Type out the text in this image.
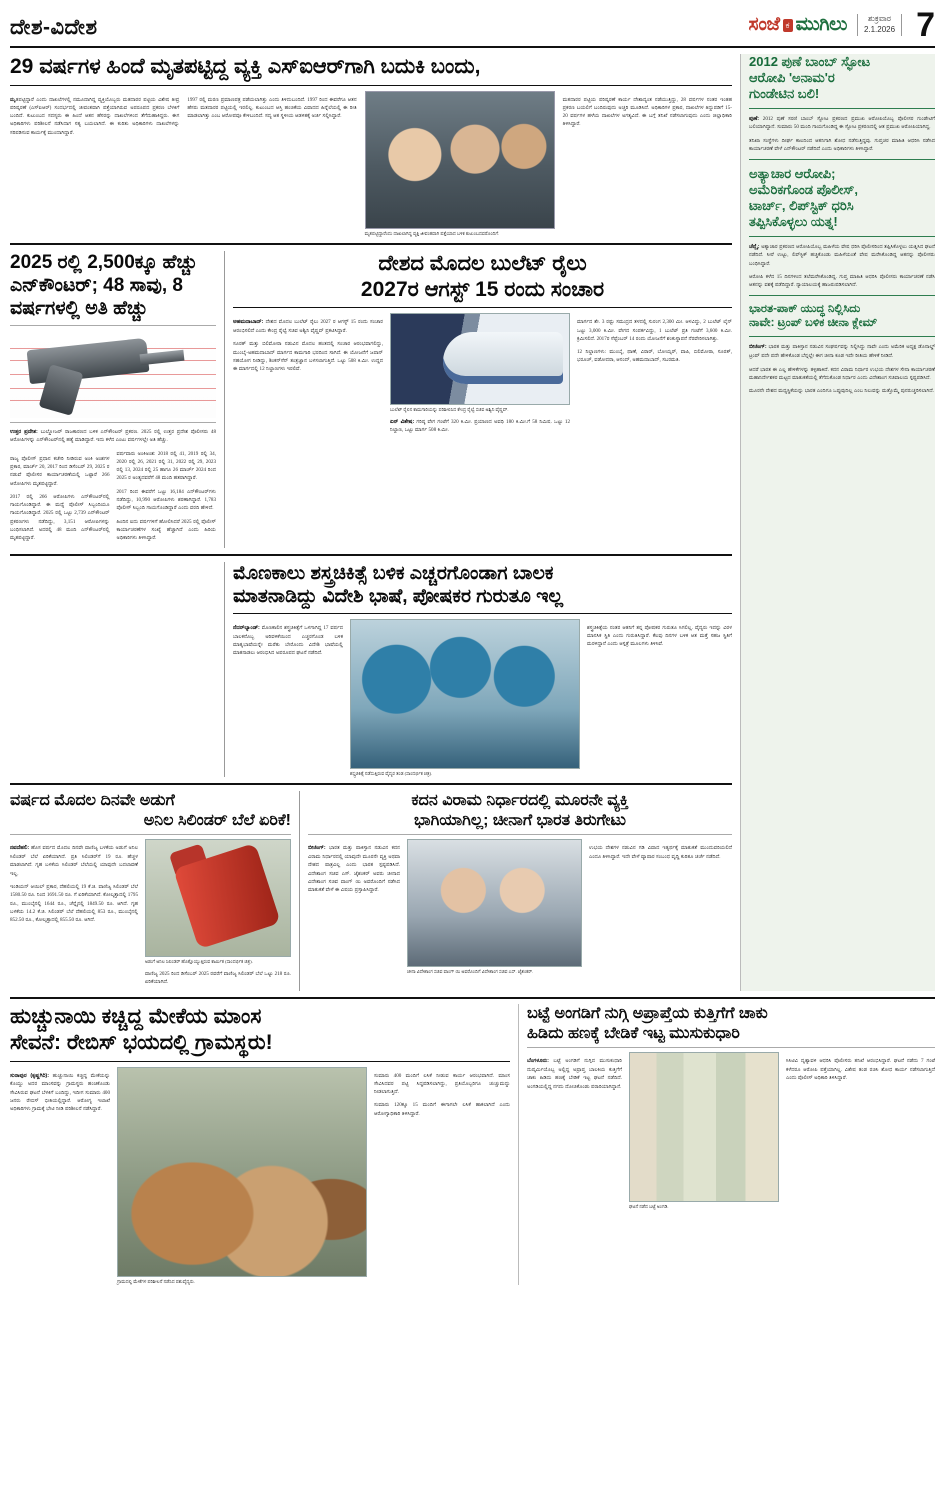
ದೇಶ-ವಿದೇಶ	ಸಂಜೆ ಕ ಮುಗಿಲು	ಶುಕ್ರವಾರ
2.1.2026 7
29 ವರ್ಷಗಳ ಹಿಂದೆ ಮೃತಪಟ್ಟಿದ್ದ ವ್ಯಕ್ತಿ ಎಸ್‌ಐಆರ್‌ಗಾಗಿ ಬದುಕಿ ಬಂದು,

ಮೃತಪಟ್ಟಿದ್ದಾರೆ ಎಂದು ದಾಖಲೆಗಳಲ್ಲಿ ನಮೂದಾಗಿದ್ದ ವ್ಯಕ್ತಿಯೊಬ್ಬರು ಮತದಾರರ ಪಟ್ಟಿಯ ವಿಶೇಷ ತೀವ್ರ ಪರಿಷ್ಕರಣೆ (ಎಸ್‌ಐಆರ್) ಸಂದರ್ಭದಲ್ಲಿ ಜೀವಂತವಾಗಿ ಪತ್ತೆಯಾಗಿರುವ ಅಪರೂಪದ ಪ್ರಕರಣ ಬೆಳಕಿಗೆ ಬಂದಿದೆ. ಕುಟುಂಬದ ಸದಸ್ಯರು ಈ ಹಿಂದೆ ಆತನ ಹೆಸರನ್ನು ದಾಖಲೆಗಳಿಂದ ತೆಗೆದುಹಾಕಿದ್ದರು. ಈಗ ಅಧಿಕಾರಿಗಳು ಪರಿಶೀಲನೆ ನಡೆಸಿದಾಗ ಸತ್ಯ ಬಯಲಾಗಿದೆ. ಈ ಕುರಿತು ಅಧಿಕಾರಿಗಳು ದಾಖಲೆಗಳನ್ನು ಸರಿಪಡಿಸುವ ಕಾರ್ಯಕ್ಕೆ ಮುಂದಾಗಿದ್ದಾರೆ.

1997 ರಲ್ಲಿ ಮರಣ ಪ್ರಮಾಣಪತ್ರ ಪಡೆಯಲಾಗಿತ್ತು ಎಂದು ತಿಳಿದುಬಂದಿದೆ. 1997 ರಿಂದ ಈವರೆಗೂ ಆತನ ಹೆಸರು ಮತದಾರರ ಪಟ್ಟಿಯಲ್ಲಿ ಇರಲಿಲ್ಲ. ಕುಟುಂಬದ ಆಸ್ತಿ ಹಂಚಿಕೆಯ ವಿವಾದದ ಹಿನ್ನೆಲೆಯಲ್ಲಿ ಈ ರೀತಿ ಮಾಡಲಾಗಿತ್ತು ಎಂಬ ಆರೋಪವೂ ಕೇಳಿಬಂದಿದೆ. ಸದ್ಯ ಆತ ಸ್ಥಳೀಯ ಆಡಳಿತಕ್ಕೆ ಅರ್ಜಿ ಸಲ್ಲಿಸಿದ್ದಾರೆ.

ಮೃತಪಟ್ಟಿದ್ದಾರೆಂದು ದಾಖಲಾಗಿದ್ದ ವ್ಯಕ್ತಿ ಜೀವಂತವಾಗಿ ಪತ್ತೆಯಾದ ಬಳಿಕ ಕುಟುಂಬದವರೊಂದಿಗೆ.

ಮತದಾರರ ಪಟ್ಟಿಯ ಪರಿಷ್ಕರಣೆ ಕಾರ್ಯ ದೇಶಾದ್ಯಂತ ನಡೆಯುತ್ತಿದ್ದು, 28 ವರ್ಷಗಳ ನಂತರ ಇಂತಹ ಪ್ರಕರಣ ಬಯಲಿಗೆ ಬಂದಿರುವುದು ಅಚ್ಚರಿ ಮೂಡಿಸಿದೆ. ಅಧಿಕಾರಿಗಳ ಪ್ರಕಾರ, ದಾಖಲೆಗಳ ತಿದ್ದುಪಡಿಗೆ 15-20 ವರ್ಷಗಳ ಹಳೆಯ ದಾಖಲೆಗಳ ಅಗತ್ಯವಿದೆ. ಈ ಬಗ್ಗೆ ತನಿಖೆ ನಡೆಸಲಾಗುವುದು ಎಂದು ಜಿಲ್ಲಾಧಿಕಾರಿ ತಿಳಿಸಿದ್ದಾರೆ.

2025 ರಲ್ಲಿ 2,500ಕ್ಕೂ ಹೆಚ್ಚು ಎನ್‌ಕೌಂಟರ್; 48 ಸಾವು, 8 ವರ್ಷಗಳಲ್ಲಿ ಅತಿ ಹೆಚ್ಚು

ಉತ್ತರ ಪ್ರದೇಶ: ಬುಲ್ಡೋಜರ್ ರಾಜಕಾರಣದ ಬಳಿಕ ಎನ್‌ಕೌಂಟರ್ ಪ್ರಕರಣ. 2025 ರಲ್ಲಿ ಉತ್ತರ ಪ್ರದೇಶ ಪೊಲೀಸರು 48 ಆರೋಪಿಗಳನ್ನು ಎನ್‌ಕೌಂಟರ್‌ನಲ್ಲಿ ಹತ್ಯೆ ಮಾಡಿದ್ದಾರೆ. ಇದು ಕಳೆದ ಎಂಟು ವರ್ಷಗಳಲ್ಲೇ ಅತಿ ಹೆಚ್ಚು.

ರಾಜ್ಯ ಪೊಲೀಸ್ ಪ್ರಧಾನ ಕಚೇರಿ ನೀಡಿರುವ ಅಂಕಿ ಅಂಶಗಳ ಪ್ರಕಾರ, ಮಾರ್ಚ್ 20, 2017 ರಿಂದ ಡಿಸೆಂಬರ್ 29, 2025 ರ ನಡುವೆ ಪೊಲೀಸರ ಕಾರ್ಯಾಚರಣೆಯಲ್ಲಿ ಒಟ್ಟಾರೆ 266 ಆರೋಪಿಗಳು ಮೃತಪಟ್ಟಿದ್ದಾರೆ.

2017 ರಲ್ಲಿ 266 ಆರೋಪಿಗಳು ಎನ್‌ಕೌಂಟರ್‌ನಲ್ಲಿ ಗಾಯಗೊಂಡಿದ್ದಾರೆ. ಈ ಮಧ್ಯೆ ಪೊಲೀಸ್ ಸಿಬ್ಬಂದಿಯೂ ಗಾಯಗೊಂಡಿದ್ದಾರೆ. 2025 ರಲ್ಲಿ ಒಟ್ಟು 2,739 ಎನ್‌ಕೌಂಟರ್ ಪ್ರಕರಣಗಳು ನಡೆದಿದ್ದು, 3,151 ಆರೋಪಿಗಳನ್ನು ಬಂಧಿಸಲಾಗಿದೆ. ಅದರಲ್ಲಿ 48 ಮಂದಿ ಎನ್‌ಕೌಂಟರ್‌ನಲ್ಲಿ ಮೃತಪಟ್ಟಿದ್ದಾರೆ.

ವರ್ಷವಾರು ಅಂಕಿಅಂಶ: 2018 ರಲ್ಲಿ 41, 2019 ರಲ್ಲಿ 34, 2020 ರಲ್ಲಿ 26, 2021 ರಲ್ಲಿ 31, 2022 ರಲ್ಲಿ 29, 2023 ರಲ್ಲಿ 13, 2024 ರಲ್ಲಿ 25 ಹಾಗೂ 26 ಮಾರ್ಚ್ 2024 ರಿಂದ 2025 ರ ಅಂತ್ಯದವರೆಗೆ 48 ಮಂದಿ ಹತರಾಗಿದ್ದಾರೆ.

2017 ರಿಂದ ಈವರೆಗೆ ಒಟ್ಟು 16,184 ಎನ್‌ಕೌಂಟರ್‌ಗಳು ನಡೆದಿದ್ದು, 10,990 ಆರೋಪಿಗಳು ಶರಣಾಗಿದ್ದಾರೆ. 1,783 ಪೊಲೀಸ್ ಸಿಬ್ಬಂದಿ ಗಾಯಗೊಂಡಿದ್ದಾರೆ ಎಂದು ವರದಿ ಹೇಳಿದೆ.

ಹಿಂದಿನ ಐದು ವರ್ಷಗಳಿಗೆ ಹೋಲಿಸಿದರೆ 2025 ರಲ್ಲಿ ಪೊಲೀಸ್ ಕಾರ್ಯಾಚರಣೆಗಳ ಸಂಖ್ಯೆ ಹೆಚ್ಚಾಗಿದೆ ಎಂದು ಹಿರಿಯ ಅಧಿಕಾರಿಗಳು ತಿಳಿಸಿದ್ದಾರೆ.

ದೇಶದ ಮೊದಲ ಬುಲೆಟ್ ರೈಲು
2027ರ ಆಗಸ್ಟ್ 15 ರಂದು ಸಂಚಾರ

ಅಹಮದಾಬಾದ್: ದೇಶದ ಮೊದಲ ಬುಲೆಟ್ ರೈಲು 2027 ರ ಆಗಸ್ಟ್ 15 ರಂದು ಸಂಚಾರ ಆರಂಭಿಸಲಿದೆ ಎಂದು ಕೇಂದ್ರ ರೈಲ್ವೆ ಸಚಿವ ಅಶ್ವಿನಿ ವೈಷ್ಣವ್ ಪ್ರಕಟಿಸಿದ್ದಾರೆ.

ಸೂರತ್ ಮತ್ತು ಬಿಲಿಮೋರಾ ನಡುವಿನ ಮೊದಲ ಹಂತದಲ್ಲಿ ಸಂಚಾರ ಆರಂಭವಾಗಲಿದ್ದು, ಮುಂಬೈ-ಅಹಮದಾಬಾದ್ ಮಾರ್ಗದ ಕಾಮಗಾರಿ ಭರದಿಂದ ಸಾಗಿದೆ. ಈ ಯೋಜನೆಗೆ ಜಪಾನ್ ಸಹಯೋಗ ನೀಡಿದ್ದು, ಶಿಂಕನ್‌ಸೆನ್ ತಂತ್ರಜ್ಞಾನ ಬಳಸಲಾಗುತ್ತಿದೆ. ಒಟ್ಟು 508 ಕಿ.ಮೀ. ಉದ್ದದ ಈ ಮಾರ್ಗದಲ್ಲಿ 12 ನಿಲ್ದಾಣಗಳು ಇರಲಿವೆ.

ಬುಲೆಟ್ ರೈಲಿನ ಕಾಮಗಾರಿಯನ್ನು ಪರಿಶೀಲಿಸಿದ ಕೇಂದ್ರ ರೈಲ್ವೆ ಸಚಿವ ಅಶ್ವಿನಿ ವೈಷ್ಣವ್.

ಏನ್ ವಿಶೇಷ: ಗರಿಷ್ಠ ವೇಗ ಗಂಟೆಗೆ 320 ಕಿ.ಮೀ. ಪ್ರಯಾಣದ ಅವಧಿ 180 ಕಿ.ಮೀ.ಗೆ 58 ನಿಮಿಷ. ಒಟ್ಟು 12 ನಿಲ್ದಾಣ, ಒಟ್ಟು ಮಾರ್ಗ 508 ಕಿ.ಮೀ.

ಮಾರ್ಗದ ಶೇ. 3 ರಷ್ಟು ಸಮುದ್ರದ ತಳದಲ್ಲಿ ಸುರಂಗ 2,300 ಮೀ. ಆಳವಿದ್ದು, 2 ಬುಲೆಟ್ ಲೈನ್ ಒಟ್ಟು 3,000 ಕಿ.ಮೀ. ವೇಗದ ಸಂಪರ್ಕವಿದ್ದು, 1 ಬುಲೆಟ್ ಪ್ರತಿ ಗಂಟೆಗೆ 3,600 ಕಿ.ಮೀ. ಕ್ರಮಿಸಲಿದೆ. 2017ರ ಸೆಪ್ಟೆಂಬರ್ 14 ರಂದು ಯೋಜನೆಗೆ ಶಂಕುಸ್ಥಾಪನೆ ನೆರವೇರಿಸಲಾಗಿತ್ತು.

12 ನಿಲ್ದಾಣಗಳು: ಮುಂಬೈ, ಥಾಣೆ, ವಿರಾರ್, ಬೋಯ್ಸರ್, ವಾಪಿ, ಬಿಲಿಮೋರಾ, ಸೂರತ್, ಭರೂಚ್, ವಡೋದರಾ, ಆನಂದ್, ಅಹಮದಾಬಾದ್, ಸಬರಮತಿ.

ಮೊಣಕಾಲು ಶಸ್ತ್ರಚಿಕಿತ್ಸೆ ಬಳಿಕ ಎಚ್ಚರಗೊಂಡಾಗ ಬಾಲಕ
ಮಾತನಾಡಿದ್ದು ವಿದೇಶಿ ಭಾಷೆ, ಪೋಷಕರ ಗುರುತೂ ಇಲ್ಲ

ನೆದರ್‌ಲ್ಯಾಂಡ್: ಮೊಣಕಾಲಿನ ಶಸ್ತ್ರಚಿಕಿತ್ಸೆಗೆ ಒಳಗಾಗಿದ್ದ 17 ವರ್ಷದ ಬಾಲಕನೊಬ್ಬ ಅರಿವಳಿಕೆಯಿಂದ ಎಚ್ಚರಗೊಂಡ ಬಳಿಕ ಮಾತೃಭಾಷೆಯನ್ನೇ ಮರೆತು ಬೇರೊಂದು ವಿದೇಶಿ ಭಾಷೆಯಲ್ಲಿ ಮಾತನಾಡಲು ಆರಂಭಿಸಿದ ಅಪರೂಪದ ಘಟನೆ ನಡೆದಿದೆ.

ಶಸ್ತ್ರಚಿಕಿತ್ಸೆ ನಡೆಸುತ್ತಿರುವ ವೈದ್ಯರ ತಂಡ (ಸಾಂದರ್ಭಿಕ ಚಿತ್ರ).

ಶಸ್ತ್ರಚಿಕಿತ್ಸೆಯ ನಂತರ ಆತನಿಗೆ ತನ್ನ ಪೋಷಕರ ಗುರುತೂ ಸಿಗಲಿಲ್ಲ. ವೈದ್ಯರು ಇದನ್ನು ವಿರಳ ಮಾನಸಿಕ ಸ್ಥಿತಿ ಎಂದು ಗುರುತಿಸಿದ್ದಾರೆ. ಕೆಲವು ದಿನಗಳ ಬಳಿಕ ಆತ ಮತ್ತೆ ಸಹಜ ಸ್ಥಿತಿಗೆ ಮರಳಿದ್ದಾನೆ ಎಂದು ಆಸ್ಪತ್ರೆ ಮೂಲಗಳು ತಿಳಿಸಿವೆ.

ವರ್ಷದ ಮೊದಲ ದಿನವೇ ಅಡುಗೆ
ಅನಿಲ ಸಿಲಿಂಡರ್ ಬೆಲೆ ಏರಿಕೆ!

ನವದೆಹಲಿ: ಹೊಸ ವರ್ಷದ ಮೊದಲ ದಿನವೇ ವಾಣಿಜ್ಯ ಬಳಕೆಯ ಅಡುಗೆ ಅನಿಲ ಸಿಲಿಂಡರ್ ಬೆಲೆ ಏರಿಕೆಯಾಗಿದೆ. ಪ್ರತಿ ಸಿಲಿಂಡರ್‌ಗೆ 19 ರೂ. ಹೆಚ್ಚಳ ಮಾಡಲಾಗಿದೆ. ಗೃಹ ಬಳಕೆಯ ಸಿಲಿಂಡರ್ ಬೆಲೆಯಲ್ಲಿ ಯಾವುದೇ ಬದಲಾವಣೆ ಇಲ್ಲ.

ಇಂಡಿಯನ್ ಆಯಿಲ್ ಪ್ರಕಾರ, ದೆಹಲಿಯಲ್ಲಿ 19 ಕೆ.ಜಿ. ವಾಣಿಜ್ಯ ಸಿಲಿಂಡರ್ ಬೆಲೆ 1580.50 ರೂ. ನಿಂದ 1691.50 ರೂ. ಗೆ ಏರಿಕೆಯಾಗಿದೆ. ಕೋಲ್ಕತ್ತಾದಲ್ಲಿ 1795 ರೂ., ಮುಂಬೈನಲ್ಲಿ 1644 ರೂ., ಚೆನ್ನೈನಲ್ಲಿ 1849.50 ರೂ. ಆಗಿದೆ. ಗೃಹ ಬಳಕೆಯ 14.2 ಕೆ.ಜಿ. ಸಿಲಿಂಡರ್ ಬೆಲೆ ದೆಹಲಿಯಲ್ಲಿ 853 ರೂ., ಮುಂಬೈನಲ್ಲಿ 852.50 ರೂ., ಕೋಲ್ಕತ್ತಾದಲ್ಲಿ 855.50 ರೂ. ಆಗಿದೆ.

ಅಡುಗೆ ಅನಿಲ ಸಿಲಿಂಡರ್ ಹೊತ್ತೊಯ್ಯುತ್ತಿರುವ ಕಾರ್ಮಿಕ (ಸಾಂದರ್ಭಿಕ ಚಿತ್ರ).

ವಾಣಿಜ್ಯ 2025 ರಿಂದ ಡಿಸೆಂಬರ್ 2025 ರವರೆಗೆ ವಾಣಿಜ್ಯ ಸಿಲಿಂಡರ್ ಬೆಲೆ ಒಟ್ಟು 218 ರೂ. ಏರಿಕೆಯಾಗಿದೆ.

ಕದನ ವಿರಾಮ ನಿರ್ಧಾರದಲ್ಲಿ ಮೂರನೇ ವ್ಯಕ್ತಿ
ಭಾಗಿಯಾಗಿಲ್ಲ; ಚೀನಾಗೆ ಭಾರತ ತಿರುಗೇಟು

ಬೀಜಿಂಗ್: ಭಾರತ ಮತ್ತು ಪಾಕಿಸ್ತಾನ ನಡುವಿನ ಕದನ ವಿರಾಮ ನಿರ್ಧಾರದಲ್ಲಿ ಯಾವುದೇ ಮೂರನೇ ವ್ಯಕ್ತಿ ಅಥವಾ ದೇಶದ ಪಾತ್ರವಿಲ್ಲ ಎಂದು ಭಾರತ ಸ್ಪಷ್ಟಪಡಿಸಿದೆ. ವಿದೇಶಾಂಗ ಸಚಿವ ಎಸ್. ಜೈಶಂಕರ್ ಅವರು ಚೀನಾದ ವಿದೇಶಾಂಗ ಸಚಿವ ವಾಂಗ್ ಯಿ ಅವರೊಂದಿಗೆ ನಡೆಸಿದ ಮಾತುಕತೆ ವೇಳೆ ಈ ವಿಷಯ ಪ್ರಸ್ತಾಪಿಸಿದ್ದಾರೆ.

ಚೀನಾ ವಿದೇಶಾಂಗ ಸಚಿವ ವಾಂಗ್ ಯಿ ಅವರೊಂದಿಗೆ ವಿದೇಶಾಂಗ ಸಚಿವ ಎಸ್. ಜೈಶಂಕರ್.

ಉಭಯ ದೇಶಗಳ ನಡುವಿನ ಗಡಿ ವಿವಾದ ಇತ್ಯರ್ಥಕ್ಕೆ ಮಾತುಕತೆ ಮುಂದುವರಿಯಲಿದೆ ಎಂದೂ ತಿಳಿಸಿದ್ದಾರೆ. ಇದೇ ವೇಳೆ ವ್ಯಾಪಾರ ಸಂಬಂಧ ವೃದ್ಧಿ ಕುರಿತೂ ಚರ್ಚೆ ನಡೆದಿದೆ.

2012 ಪುಣೆ ಬಾಂಬ್ ಸ್ಫೋಟ
ಆರೋಪಿ 'ಅನಾಮ'ರ
ಗುಂಡೇಟಿನ ಬಲಿ!

ಪುಣೆ: 2012 ಪುಣೆ ಸರಣಿ ಬಾಂಬ್ ಸ್ಫೋಟ ಪ್ರಕರಣದ ಪ್ರಮುಖ ಆರೋಪಿಯೊಬ್ಬ ಪೊಲೀಸರ ಗುಂಡೇಟಿಗೆ ಬಲಿಯಾಗಿದ್ದಾನೆ. ಸುಮಾರು 50 ಮಂದಿ ಗಾಯಗೊಂಡಿದ್ದ ಈ ಸ್ಫೋಟ ಪ್ರಕರಣದಲ್ಲಿ ಆತ ಪ್ರಮುಖ ಆರೋಪಿಯಾಗಿದ್ದ.

ತನಿಖಾ ಸಂಸ್ಥೆಗಳು ದೀರ್ಘ ಕಾಲದಿಂದ ಆತನಿಗಾಗಿ ಶೋಧ ನಡೆಸುತ್ತಿದ್ದವು. ಗುಪ್ತಚರ ಮಾಹಿತಿ ಆಧರಿಸಿ ನಡೆಸಿದ ಕಾರ್ಯಾಚರಣೆ ವೇಳೆ ಎನ್‌ಕೌಂಟರ್ ನಡೆದಿದೆ ಎಂದು ಅಧಿಕಾರಿಗಳು ತಿಳಿಸಿದ್ದಾರೆ.

ಅತ್ಯಾಚಾರ ಆರೋಪಿ;
ಅಮೆರಿಕಗೊಂಡ ಪೊಲೀಸ್,
ಟಾರ್ಚ್, ಲಿಪ್‌ಸ್ಟಿಕ್ ಧರಿಸಿ
ತಪ್ಪಿಸಿಕೊಳ್ಳಲು ಯತ್ನ!

ಚೆನ್ನೈ: ಅತ್ಯಾಚಾರ ಪ್ರಕರಣದ ಆರೋಪಿಯೊಬ್ಬ ಮಹಿಳೆಯ ವೇಷ ಧರಿಸಿ ಪೊಲೀಸರಿಂದ ತಪ್ಪಿಸಿಕೊಳ್ಳಲು ಯತ್ನಿಸಿದ ಘಟನೆ ನಡೆದಿದೆ. ಸೀರೆ ಉಟ್ಟು, ಲಿಪ್‌ಸ್ಟಿಕ್ ಹಚ್ಚಿಕೊಂಡು ಮಹಿಳೆಯಂತೆ ವೇಷ ಮರೆಸಿಕೊಂಡಿದ್ದ ಆತನನ್ನು ಪೊಲೀಸರು ಬಂಧಿಸಿದ್ದಾರೆ.

ಆರೋಪಿ ಕಳೆದ 15 ದಿನಗಳಿಂದ ತಲೆಮರೆಸಿಕೊಂಡಿದ್ದ. ಗುಪ್ತ ಮಾಹಿತಿ ಆಧರಿಸಿ ಪೊಲೀಸರು ಕಾರ್ಯಾಚರಣೆ ನಡೆಸಿ ಆತನನ್ನು ವಶಕ್ಕೆ ಪಡೆದಿದ್ದಾರೆ. ನ್ಯಾಯಾಲಯಕ್ಕೆ ಹಾಜರುಪಡಿಸಲಾಗಿದೆ.

ಭಾರತ-ಪಾಕ್ ಯುದ್ಧ ನಿಲ್ಲಿಸಿದು
ನಾವೇ: ಟ್ರಂಪ್ ಬಳಿಕ ಚೀನಾ ಕ್ಲೇಮ್

ಬೀಜಿಂಗ್: ಭಾರತ ಮತ್ತು ಪಾಕಿಸ್ತಾನ ನಡುವಿನ ಸಂಘರ್ಷವನ್ನು ನಿಲ್ಲಿಸಿದ್ದು ನಾವೇ ಎಂದು ಅಮೆರಿಕ ಅಧ್ಯಕ್ಷ ಡೊನಾಲ್ಡ್ ಟ್ರಂಪ್ ಪದೇ ಪದೇ ಹೇಳಿಕೊಂಡ ಬೆನ್ನಲ್ಲೇ ಈಗ ಚೀನಾ ಕೂಡ ಇದೇ ರೀತಿಯ ಹೇಳಿಕೆ ನೀಡಿದೆ.

ಆದರೆ ಭಾರತ ಈ ಎಲ್ಲ ಹೇಳಿಕೆಗಳನ್ನು ತಳ್ಳಿಹಾಕಿದೆ. ಕದನ ವಿರಾಮ ನಿರ್ಧಾರ ಉಭಯ ದೇಶಗಳ ಸೇನಾ ಕಾರ್ಯಾಚರಣೆ ಮಹಾನಿರ್ದೇಶಕರ ಮಟ್ಟದ ಮಾತುಕತೆಯಲ್ಲಿ ತೆಗೆದುಕೊಂಡ ನಿರ್ಧಾರ ಎಂದು ವಿದೇಶಾಂಗ ಸಚಿವಾಲಯ ಸ್ಪಷ್ಟಪಡಿಸಿದೆ.

ಮೂರನೇ ದೇಶದ ಮಧ್ಯಸ್ಥಿಕೆಯನ್ನು ಭಾರತ ಎಂದಿಗೂ ಒಪ್ಪುವುದಿಲ್ಲ ಎಂಬ ನಿಲುವನ್ನು ಮತ್ತೊಮ್ಮೆ ಪುನರುಚ್ಚರಿಸಲಾಗಿದೆ.

ಹುಚ್ಚುನಾಯಿ ಕಚ್ಚಿದ್ದ ಮೇಕೆಯ ಮಾಂಸ
ಸೇವನೆ: ರೇಬಿಸ್ ಭಯದಲ್ಲಿ ಗ್ರಾಮಸ್ಥರು!

ಸುರಾಪುರ (ಕೃಷ್ಣಗಿರಿ): ಹುಚ್ಚುನಾಯಿ ಕಚ್ಚಿದ್ದ ಮೇಕೆಯನ್ನು ಕೊಯ್ದು ಅದರ ಮಾಂಸವನ್ನು ಗ್ರಾಮಸ್ಥರು ಹಂಚಿಕೊಂಡು ಸೇವಿಸಿರುವ ಘಟನೆ ಬೆಳಕಿಗೆ ಬಂದಿದ್ದು, ಇದೀಗ ಸುಮಾರು 400 ಜನರು ರೇಬಿಸ್ ಭೀತಿಯಲ್ಲಿದ್ದಾರೆ. ಆರೋಗ್ಯ ಇಲಾಖೆ ಅಧಿಕಾರಿಗಳು ಗ್ರಾಮಕ್ಕೆ ಭೇಟಿ ನೀಡಿ ಪರಿಶೀಲನೆ ನಡೆಸಿದ್ದಾರೆ.

ಗ್ರಾಮದಲ್ಲಿ ಮೇಕೆಗಳ ಪರಿಶೀಲನೆ ನಡೆಸಿದ ಪಶುವೈದ್ಯರು.

ಸುಮಾರು 400 ಮಂದಿಗೆ ಲಸಿಕೆ ನೀಡುವ ಕಾರ್ಯ ಆರಂಭವಾಗಿದೆ. ಮಾಂಸ ಸೇವಿಸಿದವರ ಪಟ್ಟಿ ಸಿದ್ಧಪಡಿಸಲಾಗಿದ್ದು, ಪ್ರತಿಯೊಬ್ಬರಿಗೂ ಚುಚ್ಚುಮದ್ದು ನೀಡಲಾಗುತ್ತಿದೆ.

ಸುಮಾರು 120ಕ್ಕೂ 15 ಮಂದಿಗೆ ಈಗಾಗಲೇ ಲಸಿಕೆ ಹಾಕಲಾಗಿದೆ ಎಂದು ಆರೋಗ್ಯಾಧಿಕಾರಿ ತಿಳಿಸಿದ್ದಾರೆ.

ಬಟ್ಟೆ ಅಂಗಡಿಗೆ ನುಗ್ಗಿ ಅಪ್ರಾಪ್ತೆಯ ಕುತ್ತಿಗೆಗೆ ಚಾಕು
ಹಿಡಿದು ಹಣಕ್ಕೆ ಬೇಡಿಕೆ ಇಟ್ಟ ಮುಸುಕುಧಾರಿ

ಬೆಂಗಳೂರು: ಬಟ್ಟೆ ಅಂಗಡಿಗೆ ನುಗ್ಗಿದ ಮುಸುಕುಧಾರಿ ದುಷ್ಕರ್ಮಿಯೊಬ್ಬ ಅಲ್ಲಿದ್ದ ಅಪ್ರಾಪ್ತ ಬಾಲಕಿಯ ಕುತ್ತಿಗೆಗೆ ಚಾಕು ಹಿಡಿದು ಹಣಕ್ಕೆ ಬೇಡಿಕೆ ಇಟ್ಟ ಘಟನೆ ನಡೆದಿದೆ. ಅಂಗಡಿಯಲ್ಲಿದ್ದ ನಗದು ದೋಚಿಕೊಂಡು ಪರಾರಿಯಾಗಿದ್ದಾನೆ.

ಘಟನೆ ನಡೆದ ಬಟ್ಟೆ ಅಂಗಡಿ.

ಸಿಸಿಟಿವಿ ದೃಶ್ಯಾವಳಿ ಆಧರಿಸಿ ಪೊಲೀಸರು ತನಿಖೆ ಆರಂಭಿಸಿದ್ದಾರೆ. ಘಟನೆ ನಡೆದು 7 ಗಂಟೆ ಕಳೆದರೂ ಆರೋಪಿ ಪತ್ತೆಯಾಗಿಲ್ಲ. ವಿಶೇಷ ತಂಡ ರಚಿಸಿ ಶೋಧ ಕಾರ್ಯ ನಡೆಸಲಾಗುತ್ತಿದೆ ಎಂದು ಪೊಲೀಸ್ ಅಧಿಕಾರಿ ತಿಳಿಸಿದ್ದಾರೆ.
